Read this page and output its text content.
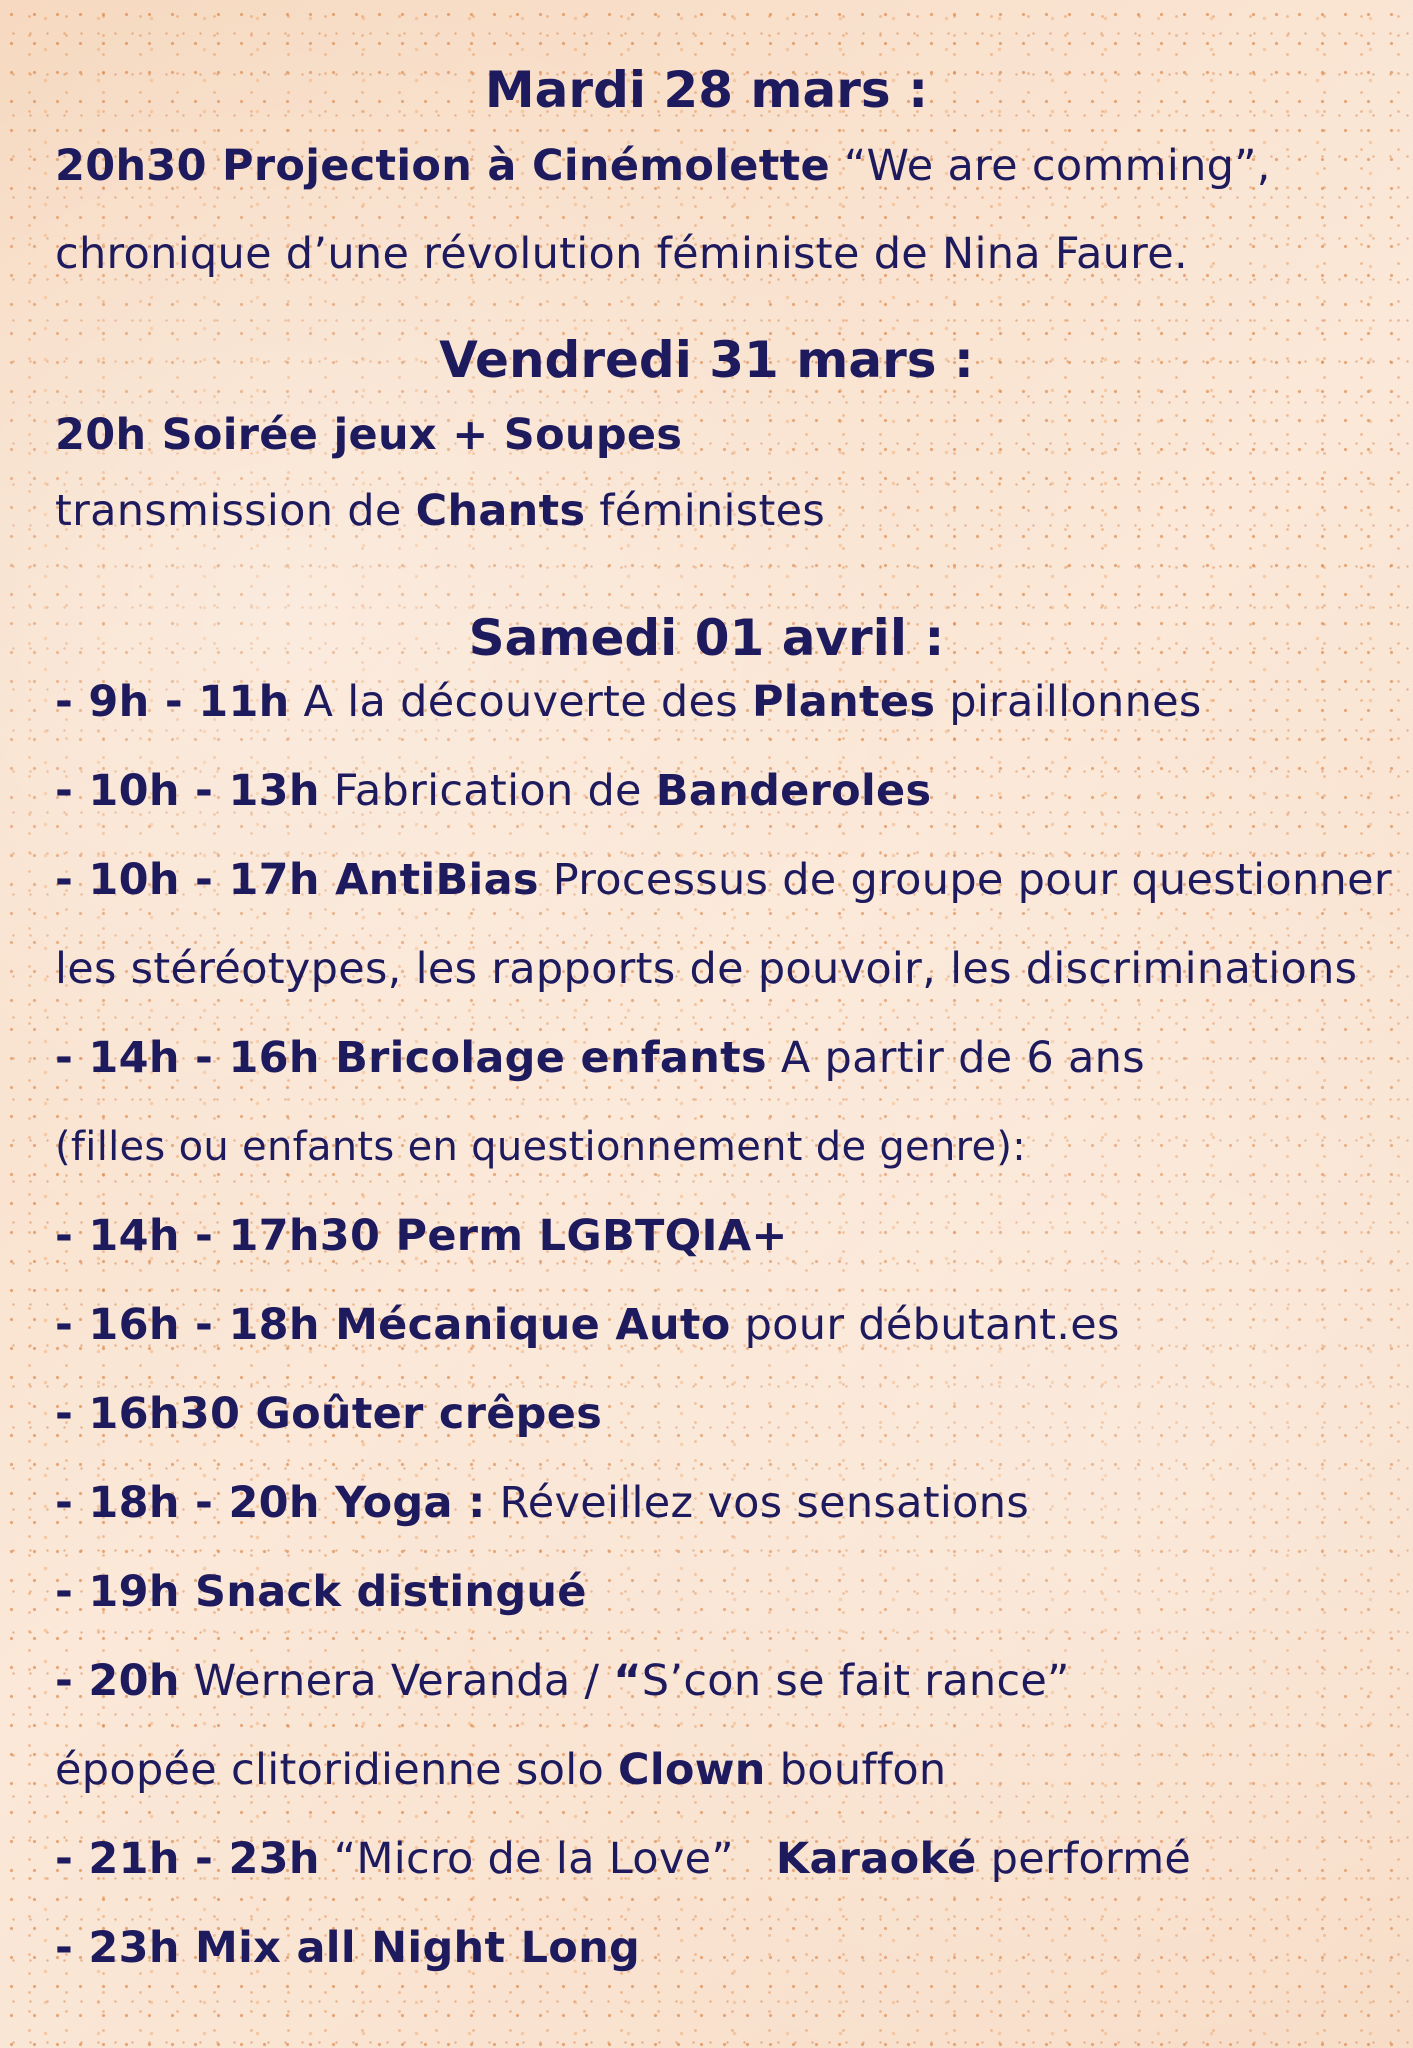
Mardi 28 mars :
20h30 Projection à Cinémolette “We are comming”,
chronique d’une révolution féministe de Nina Faure.
Vendredi 31 mars :
20h Soirée jeux + Soupes
transmission de Chants féministes
Samedi 01 avril :
- 9h - 11h A la découverte des Plantes piraillonnes
- 10h - 13h Fabrication de Banderoles
- 10h - 17h AntiBias Processus de groupe pour questionner
les stéréotypes, les rapports de pouvoir, les discriminations
- 14h - 16h Bricolage enfants A partir de 6 ans
(filles ou enfants en questionnement de genre):
- 14h - 17h30 Perm LGBTQIA+
- 16h - 18h Mécanique Auto pour débutant.es
- 16h30 Goûter crêpes
- 18h - 20h Yoga : Réveillez vos sensations
- 19h Snack distingué
- 20h Wernera Veranda / “S’con se fait rance”
épopée clitoridienne solo Clown bouffon
- 21h - 23h “Micro de la Love”   Karaoké performé
- 23h Mix all Night Long
